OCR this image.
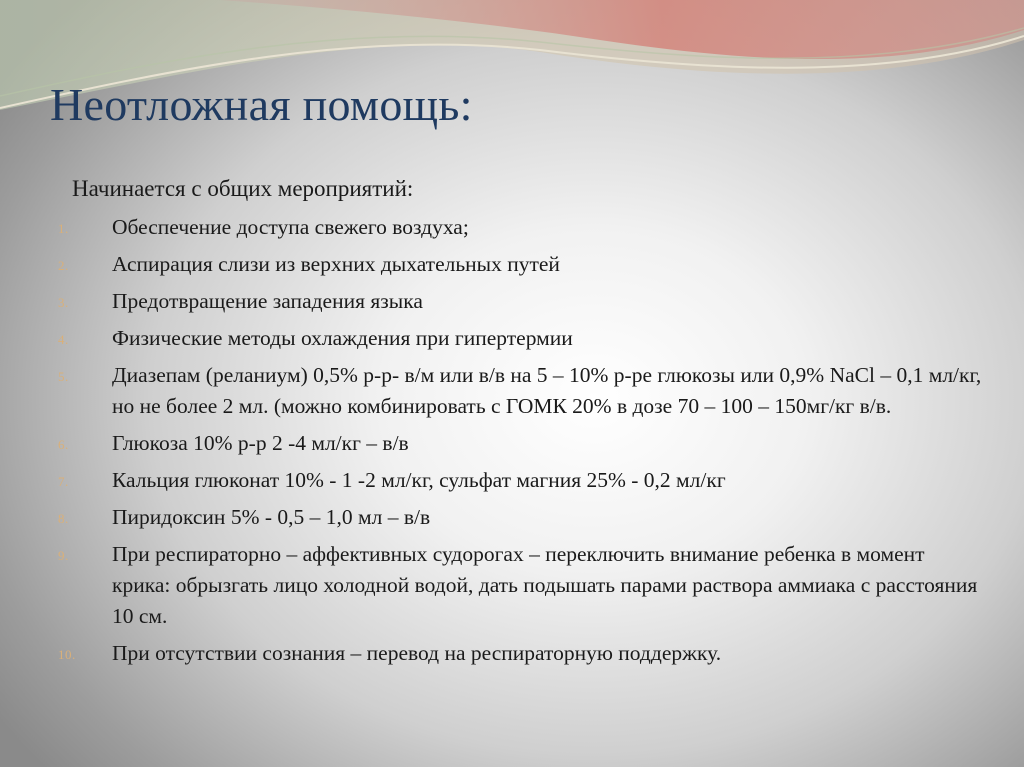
Неотложная помощь:
Начинается с общих мероприятий:
1.	Обеспечение доступа свежего воздуха;
2.	Аспирация слизи из верхних дыхательных путей
3.	Предотвращение западения языка
4.	Физические методы охлаждения при гипертермии
5.	Диазепам (реланиум) 0,5% р-р- в/м или в/в на 5 – 10% р-ре глюкозы или 0,9% NaCl – 0,1 мл/кг, но не более 2 мл. (можно комбинировать с ГОМК 20% в дозе 70 – 100 – 150мг/кг в/в.
6.	Глюкоза 10% р-р 2 -4 мл/кг – в/в
7.	Кальция глюконат 10% - 1 -2 мл/кг, сульфат магния 25% - 0,2 мл/кг
8.	Пиридоксин 5% - 0,5 – 1,0 мл – в/в
9.	При респираторно – аффективных судорогах – переключить внимание ребенка в момент крика: обрызгать лицо холодной водой, дать подышать парами раствора аммиака с расстояния 10 см.
10.	При отсутствии сознания – перевод на респираторную поддержку.
